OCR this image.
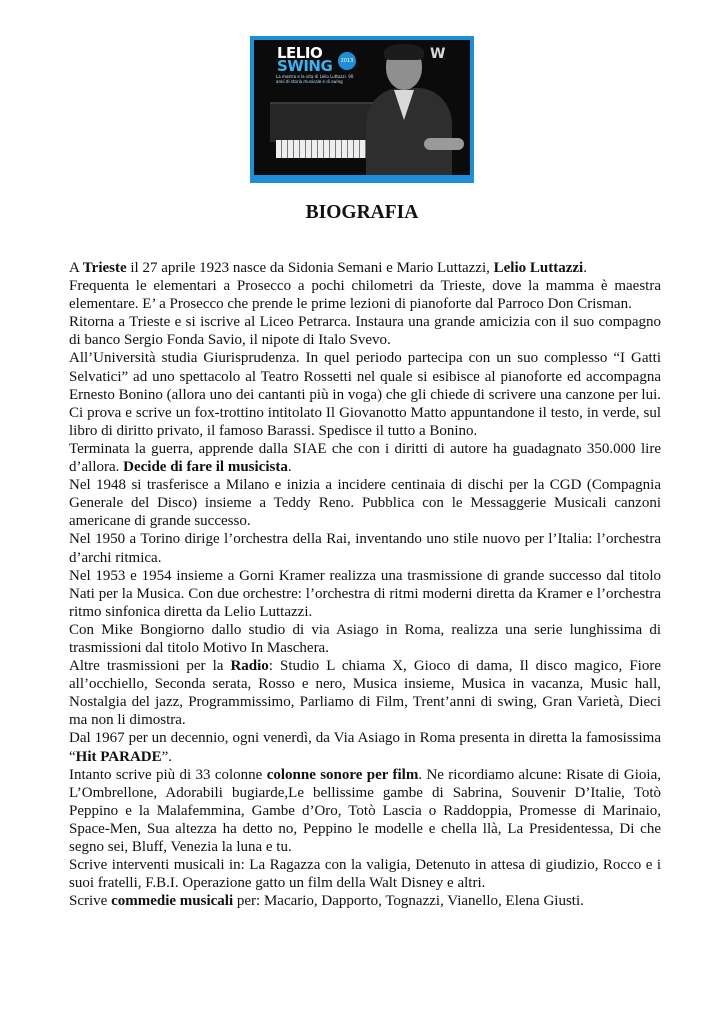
LELIO
SWING	2013
La mostra e la vita di Lelio Luttazzi. 90 anni di storia musicale e di swing
W
BIOGRAFIA

A Trieste il 27 aprile 1923 nasce da Sidonia Semani e Mario Luttazzi, Lelio Luttazzi.

Frequenta le elementari a Prosecco a pochi chilometri da Trieste, dove la mamma è maestra elementare. E’ a Prosecco che prende le prime lezioni di pianoforte dal Parroco Don Crisman.

Ritorna a Trieste e si iscrive al Liceo Petrarca. Instaura una grande amicizia con il suo compagno di banco Sergio Fonda Savio, il nipote di Italo Svevo.

All’Università studia Giurisprudenza. In quel periodo partecipa con un suo complesso “I Gatti Selvatici” ad uno spettacolo al Teatro Rossetti nel quale si esibisce al pianoforte ed accompagna Ernesto Bonino (allora uno dei cantanti più in voga) che gli chiede di scrivere una canzone per lui. Ci prova e scrive un fox-trottino intitolato Il Giovanotto Matto appuntandone il testo, in verde, sul libro di diritto privato, il famoso Barassi. Spedisce il tutto a Bonino.

Terminata la guerra, apprende dalla SIAE che con i diritti di autore ha guadagnato 350.000 lire d’allora. Decide di fare il musicista.

Nel 1948 si trasferisce a Milano e inizia a incidere centinaia di dischi per la CGD (Compagnia Generale del Disco) insieme a Teddy Reno. Pubblica con le Messaggerie Musicali canzoni americane di grande successo.

Nel 1950 a Torino dirige l’orchestra della Rai, inventando uno stile nuovo per l’Italia: l’orchestra d’archi ritmica.

Nel 1953 e 1954 insieme a Gorni Kramer realizza una trasmissione di grande successo dal titolo Nati per la Musica. Con due orchestre: l’orchestra di ritmi moderni diretta da Kramer e l’orchestra ritmo sinfonica diretta da Lelio Luttazzi.

Con Mike Bongiorno dallo studio di via Asiago in Roma, realizza una serie lunghissima di trasmissioni dal titolo Motivo In Maschera.

Altre trasmissioni per la Radio: Studio L chiama X, Gioco di dama, Il disco magico, Fiore all’occhiello, Seconda serata, Rosso e nero, Musica insieme, Musica in vacanza, Music hall, Nostalgia del jazz, Programmissimo, Parliamo di Film, Trent’anni di swing, Gran Varietà, Dieci ma non li dimostra.

Dal 1967 per un decennio, ogni venerdì, da Via Asiago in Roma presenta in diretta la famosissima “Hit PARADE”.

Intanto scrive più di 33 colonne colonne sonore per film. Ne ricordiamo alcune: Risate di Gioia, L’Ombrellone, Adorabili bugiarde,Le bellissime gambe di Sabrina, Souvenir D’Italie, Totò Peppino e la Malafemmina, Gambe d’Oro, Totò Lascia o Raddoppia, Promesse di Marinaio, Space-Men, Sua altezza ha detto no, Peppino le modelle e chella llà, La Presidentessa, Di che segno sei, Bluff, Venezia la luna e tu.

Scrive interventi musicali in: La Ragazza con la valigia, Detenuto in attesa di giudizio, Rocco e i suoi fratelli, F.B.I. Operazione gatto un film della Walt Disney e altri.

Scrive commedie musicali per: Macario, Dapporto, Tognazzi, Vianello, Elena Giusti.
